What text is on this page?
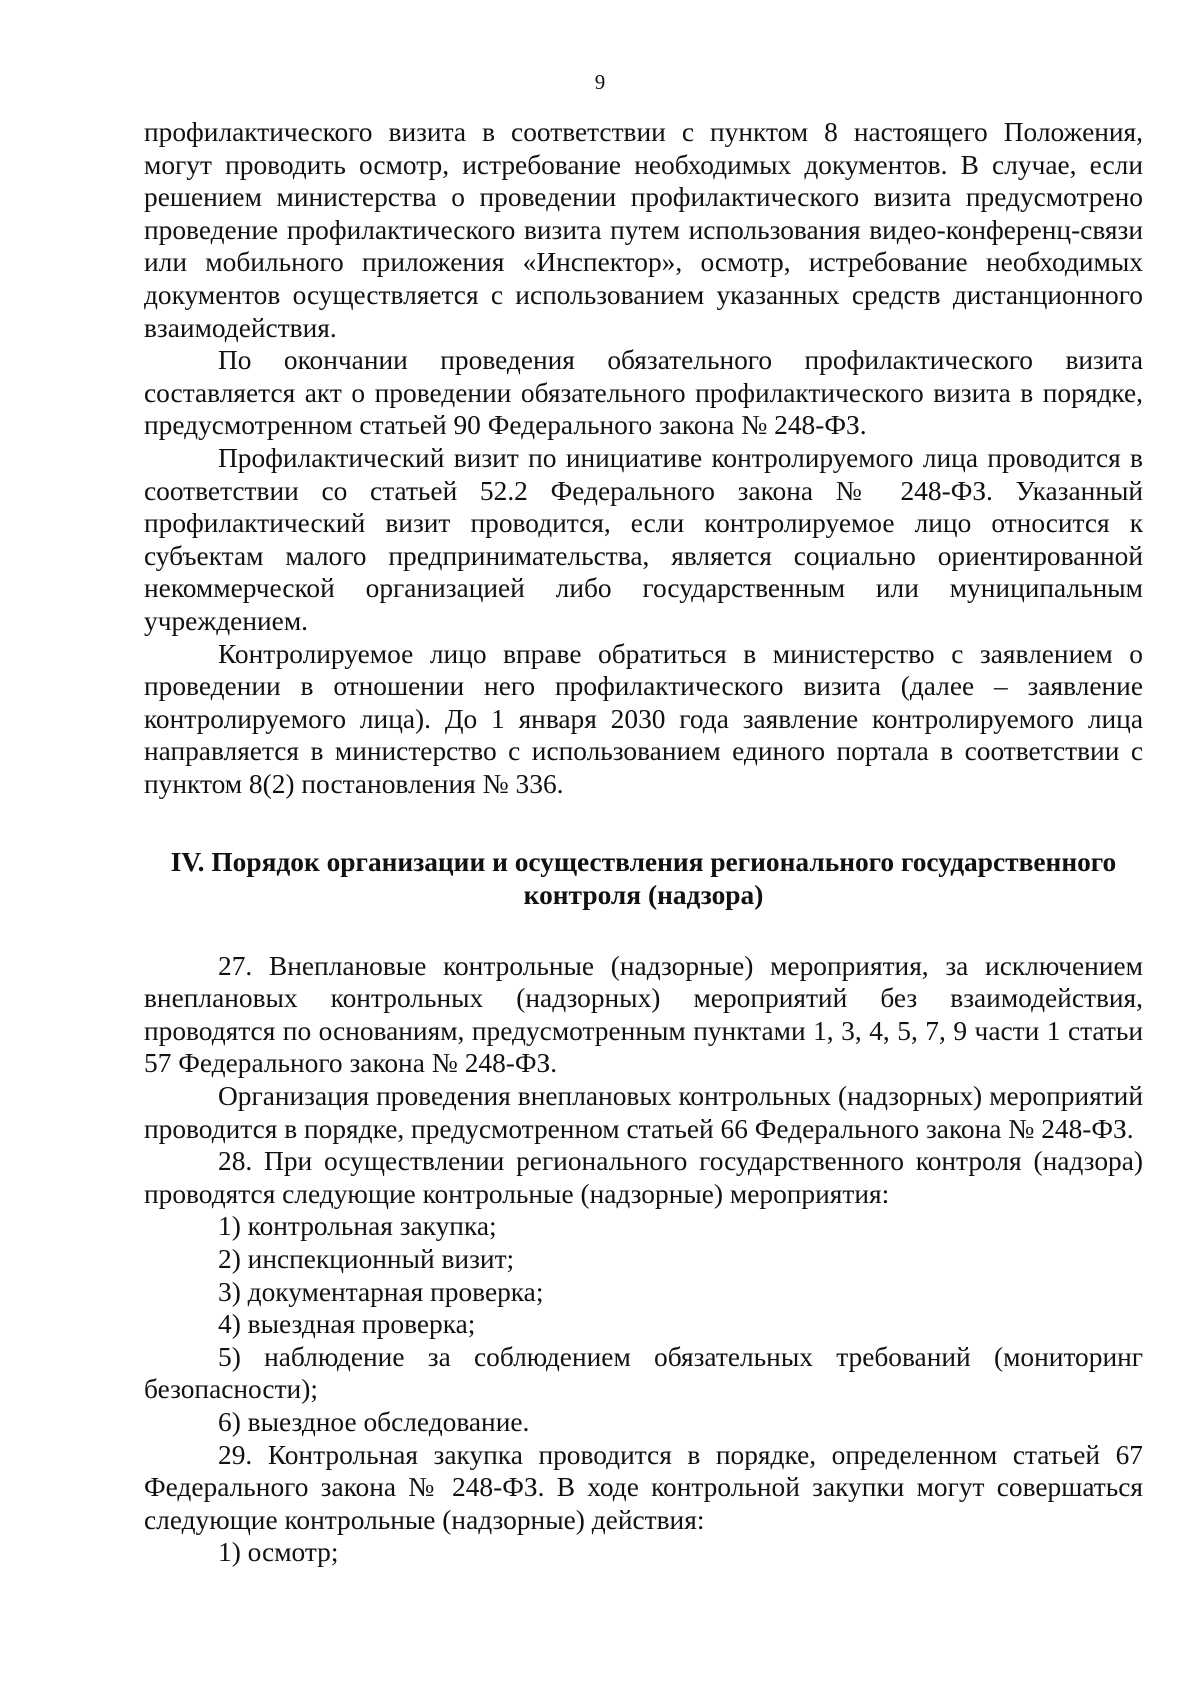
9

профилактического визита в соответствии с пунктом 8 настоящего Положения, могут проводить осмотр, истребование необходимых документов. В случае, если решением министерства о проведении профилактического визита предусмотрено проведение профилактического визита путем использования видео-конференц-связи или мобильного приложения «Инспектор», осмотр, истребование необходимых документов осуществляется с использованием указанных средств дистанционного взаимодействия.

По окончании проведения обязательного профилактического визита составляется акт о проведении обязательного профилактического визита в порядке, предусмотренном статьей 90 Федерального закона № 248-ФЗ.

Профилактический визит по инициативе контролируемого лица проводится в соответствии со статьей 52.2 Федерального закона № 248-ФЗ. Указанный профилактический визит проводится, если контролируемое лицо относится к субъектам малого предпринимательства, является социально ориентированной некоммерческой организацией либо государственным или муниципальным учреждением.

Контролируемое лицо вправе обратиться в министерство с заявлением о проведении в отношении него профилактического визита (далее – заявление контролируемого лица). До 1 января 2030 года заявление контролируемого лица направляется в министерство с использованием единого портала в соответствии с пунктом 8(2) постановления № 336.

IV. Порядок организации и осуществления регионального государственного контроля (надзора)

27. Внеплановые контрольные (надзорные) мероприятия, за исключением внеплановых контрольных (надзорных) мероприятий без взаимодействия, проводятся по основаниям, предусмотренным пунктами 1, 3, 4, 5, 7, 9 части 1 статьи 57 Федерального закона № 248-ФЗ.

Организация проведения внеплановых контрольных (надзорных) мероприятий проводится в порядке, предусмотренном статьей 66 Федерального закона № 248-ФЗ.

28. При осуществлении регионального государственного контроля (надзора) проводятся следующие контрольные (надзорные) мероприятия:

1) контрольная закупка;

2) инспекционный визит;

3) документарная проверка;

4) выездная проверка;

5) наблюдение за соблюдением обязательных требований (мониторинг безопасности);

6) выездное обследование.

29. Контрольная закупка проводится в порядке, определенном статьей 67 Федерального закона № 248-ФЗ. В ходе контрольной закупки могут совершаться следующие контрольные (надзорные) действия:

1) осмотр;
